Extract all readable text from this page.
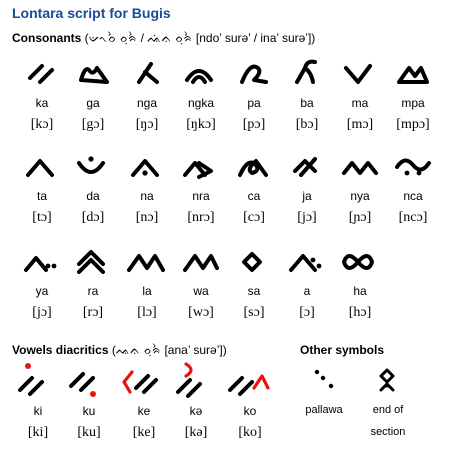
Lontara script for Bugis
Consonants (ᨉᨚᨔᨛ ᨔᨘᨑᨛ / ᨕᨗᨊ ᨔᨘᨑᨛ [ndo’ surə’ / ina’ surə’])
ka
[kɔ]
ga
[gɔ]
nga
[ŋɔ]
ngka
[ŋkɔ]
pa
[pɔ]
ba
[bɔ]
ma
[mɔ]
mpa
[mpɔ]
ta
[tɔ]
da
[dɔ]
na
[nɔ]
nra
[nrɔ]
ca
[cɔ]
ja
[jɔ]
nya
[ɲɔ]
nca
[ncɔ]
ya
[jɔ]
ra
[rɔ]
la
[lɔ]
wa
[wɔ]
sa
[sɔ]
a
[ɔ]
ha
[hɔ]
Vowels diacritics (ᨕᨊ ᨔᨘᨑᨛ [ana’ surə’])	Other symbols
ki
[ki]
ku
[ku]
ke
[ke]
kə
[kə]
ko
[ko]
pallawa	end of
section
